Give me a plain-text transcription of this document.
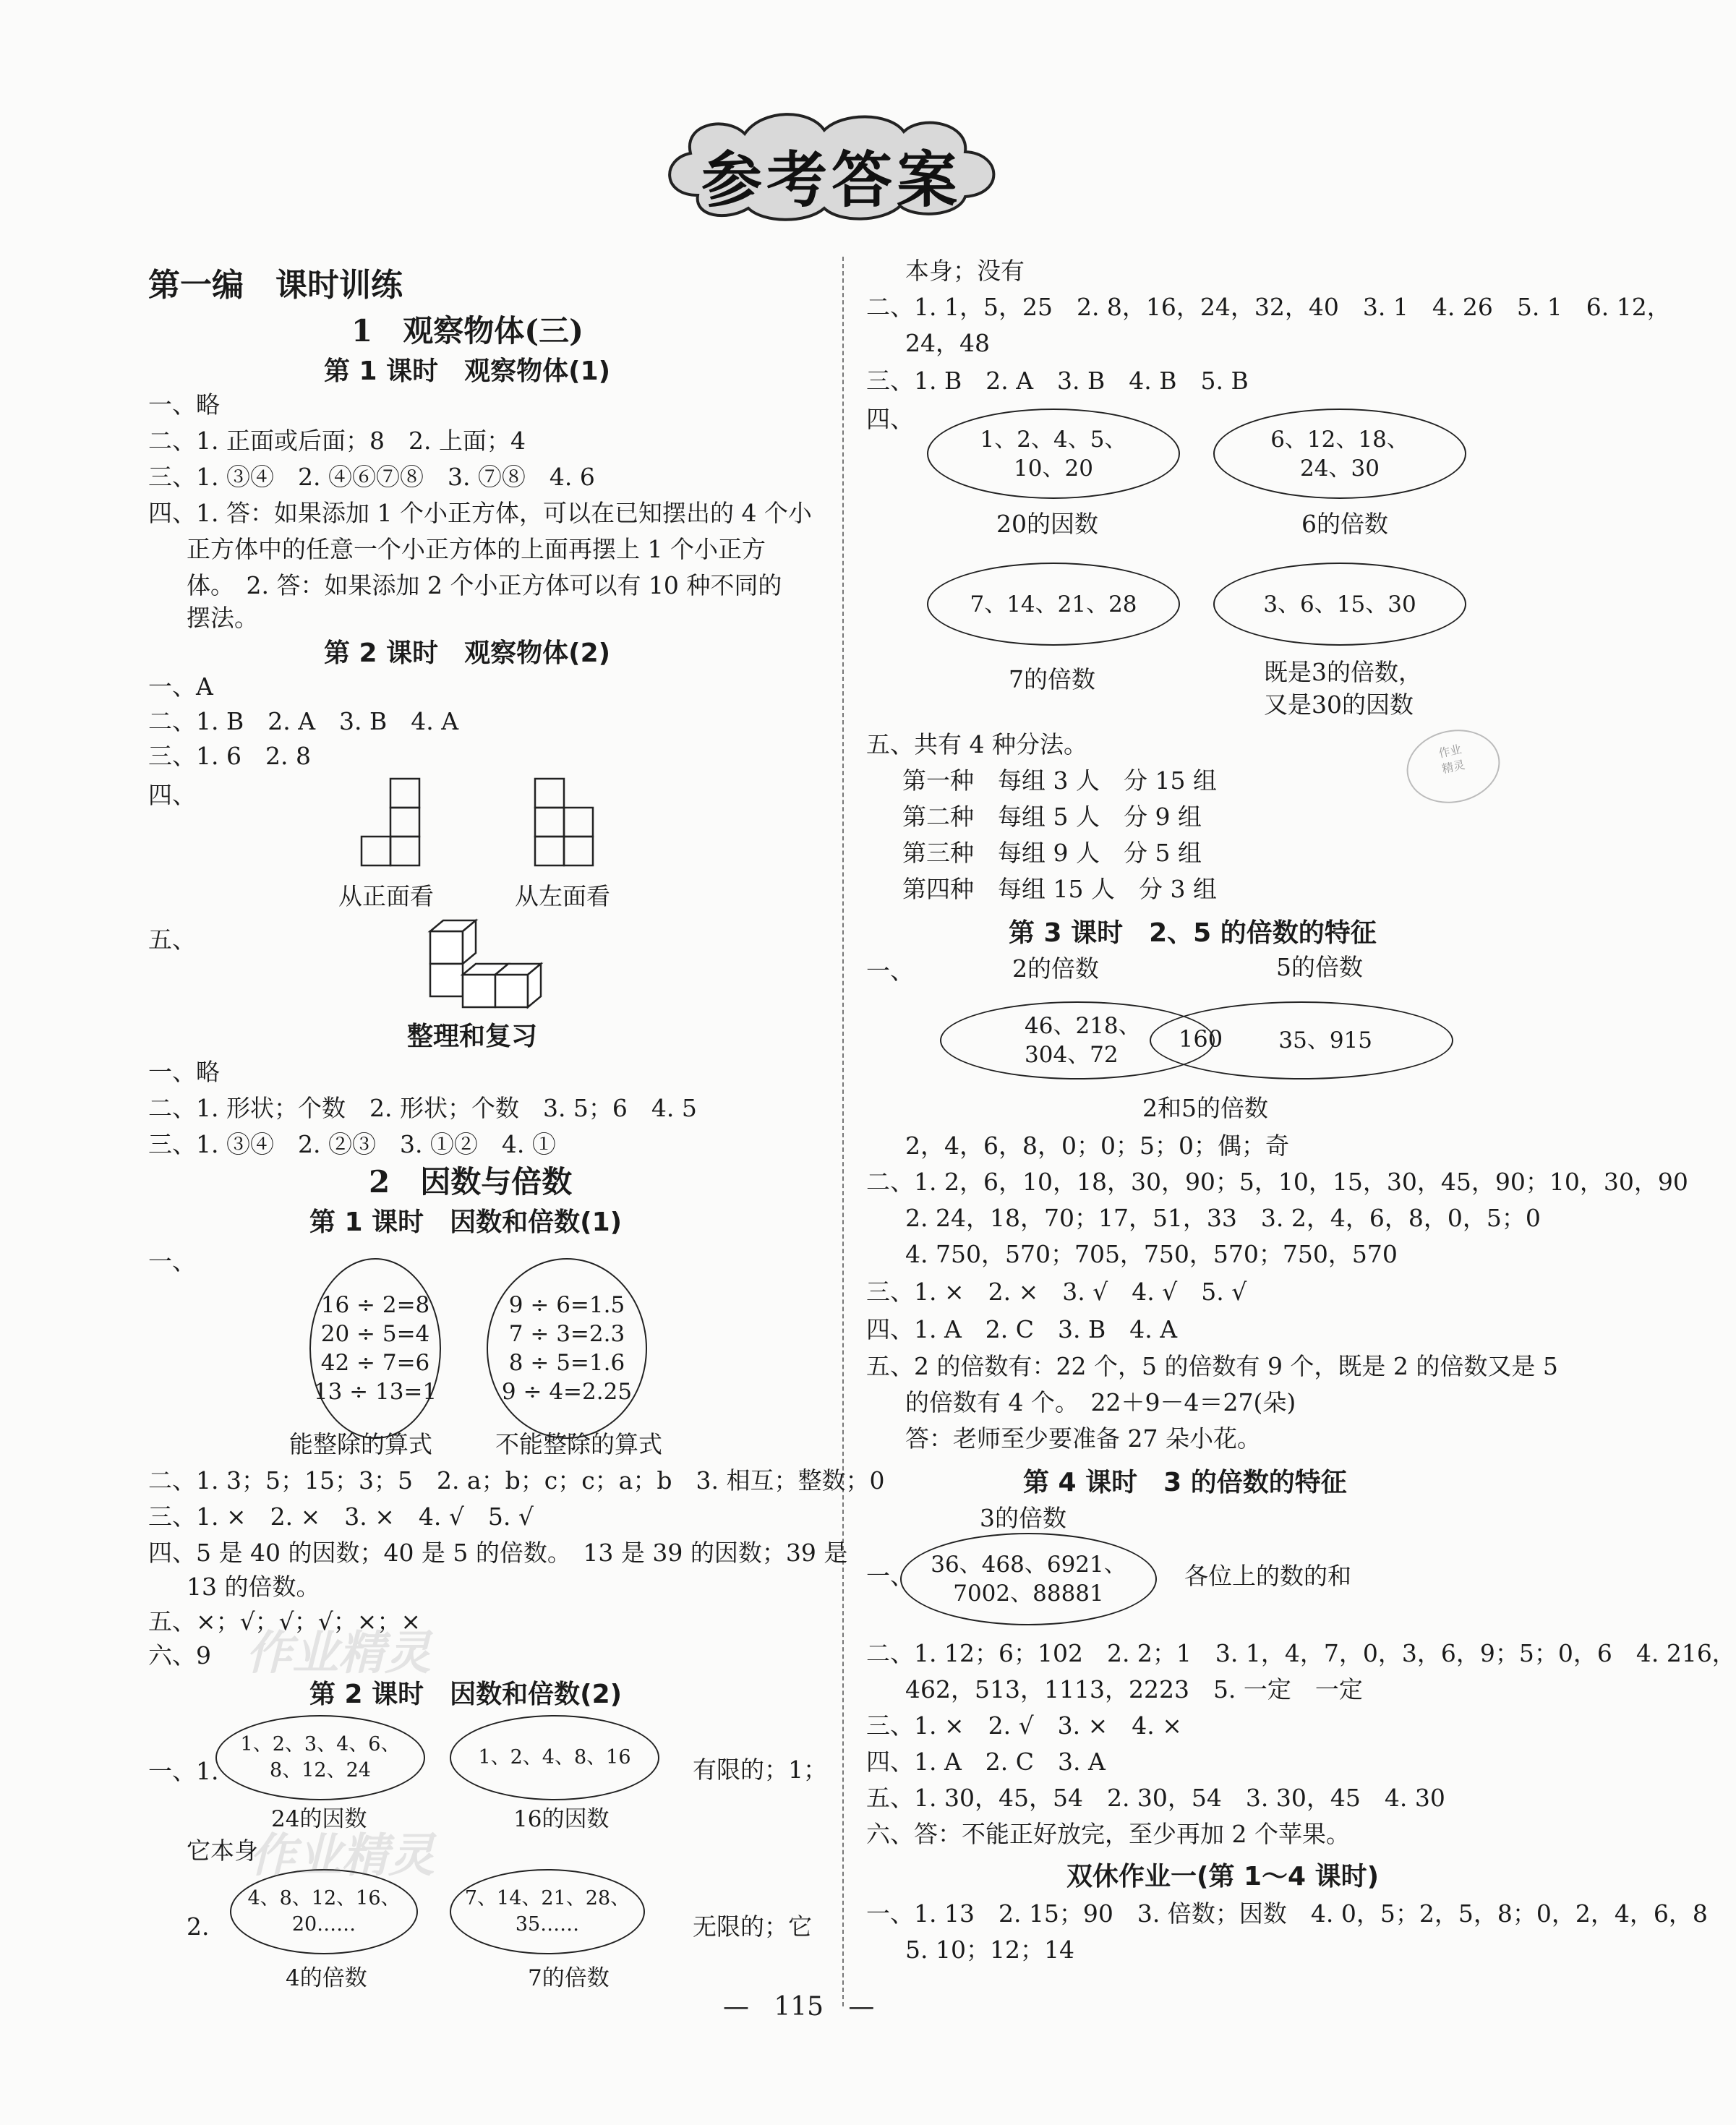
参考答案
第一编　课时训练
1　观察物体(三)
第 1 课时　观察物体(1)
一、略
二、1. 正面或后面；8　2. 上面；4
三、1. ③④　2. ④⑥⑦⑧　3. ⑦⑧　4. 6
四、1. 答：如果添加 1 个小正方体，可以在已知摆出的 4 个小
正方体中的任意一个小正方体的上面再摆上 1 个小正方
体。　2. 答：如果添加 2 个小正方体可以有 10 种不同的
摆法。
第 2 课时　观察物体(2)
一、A
二、1. B　2. A　3. B　4. A
三、1. 6　2. 8
四、
从正面看	从左面看
五、
整理和复习
一、略
二、1. 形状；个数　2. 形状；个数　3. 5；6　4. 5
三、1. ③④　2. ②③　3. ①②　4. ①
2　因数与倍数
第 1 课时　因数和倍数(1)
一、
16 ÷ 2=8
20 ÷ 5=4
42 ÷ 7=6
13 ÷ 13=1
9 ÷ 6=1.5
7 ÷ 3=2.3
8 ÷ 5=1.6
9 ÷ 4=2.25
能整除的算式	不能整除的算式
二、1. 3；5；15；3；5　2. a；b；c；c；a；b　3. 相互；整数；0
三、1. ×　2. ×　3. ×　4. √　5. √
四、5 是 40 的因数；40 是 5 的倍数。　13 是 39 的因数；39 是
13 的倍数。
五、×；√；√；√；×；×
六、9
第 2 课时　因数和倍数(2)
一、1.
1、2、3、4、6、
8、12、24
1、2、4、8、16	有限的；1；
24的因数	16的因数
它本身
2.
4、8、12、16、
20……
7、14、21、28、
35……	无限的；它
4的倍数	7的倍数
本身；没有
二、1. 1，5，25　2. 8，16，24，32，40　3. 1　4. 26　5. 1　6. 12，
24，48
三、1. B　2. A　3. B　4. B　5. B
四、
1、2、4、5、
10、20
6、12、18、
24、30
20的因数	6的倍数
7、14、21、28	3、6、15、30
7的倍数	既是3的倍数，
又是30的因数
五、共有 4 种分法。
第一种　每组 3 人　分 15 组
第二种　每组 5 人　分 9 组
第三种　每组 9 人　分 5 组
第四种　每组 15 人　分 3 组
第 3 课时　2、5 的倍数的特征
一、	2的倍数	5的倍数
46、218、
304、72
35、915
160
2和5的倍数
2，4，6，8，0；0；5；0；偶；奇
二、1. 2，6，10，18，30，90；5，10，15，30，45，90；10，30，90
2. 24，18，70；17，51，33　3. 2，4，6，8，0，5；0
4. 750，570；705，750，570；750，570
三、1. ×　2. ×　3. √　4. √　5. √
四、1. A　2. C　3. B　4. A
五、2 的倍数有：22 个，5 的倍数有 9 个，既是 2 的倍数又是 5
的倍数有 4 个。　22＋9－4＝27(朵)
答：老师至少要准备 27 朵小花。
第 4 课时　3 的倍数的特征
3的倍数
一、 36、468、6921、
7002、88881
各位上的数的和
二、1. 12；6；102　2. 2；1　3. 1，4，7，0，3，6，9；5；0，6　4. 216，
462，513，1113，2223　5. 一定　一定
三、1. ×　2. √　3. ×　4. ×
四、1. A　2. C　3. A
五、1. 30，45，54　2. 30，54　3. 30，45　4. 30
六、答：不能正好放完，至少再加 2 个苹果。
双休作业一(第 1～4 课时)
一、1. 13　2. 15；90　3. 倍数；因数　4. 0，5；2，5，8；0，2，4，6，8
5. 10；12；14
作业精灵
作业精灵
作业
精灵
—   115   —
